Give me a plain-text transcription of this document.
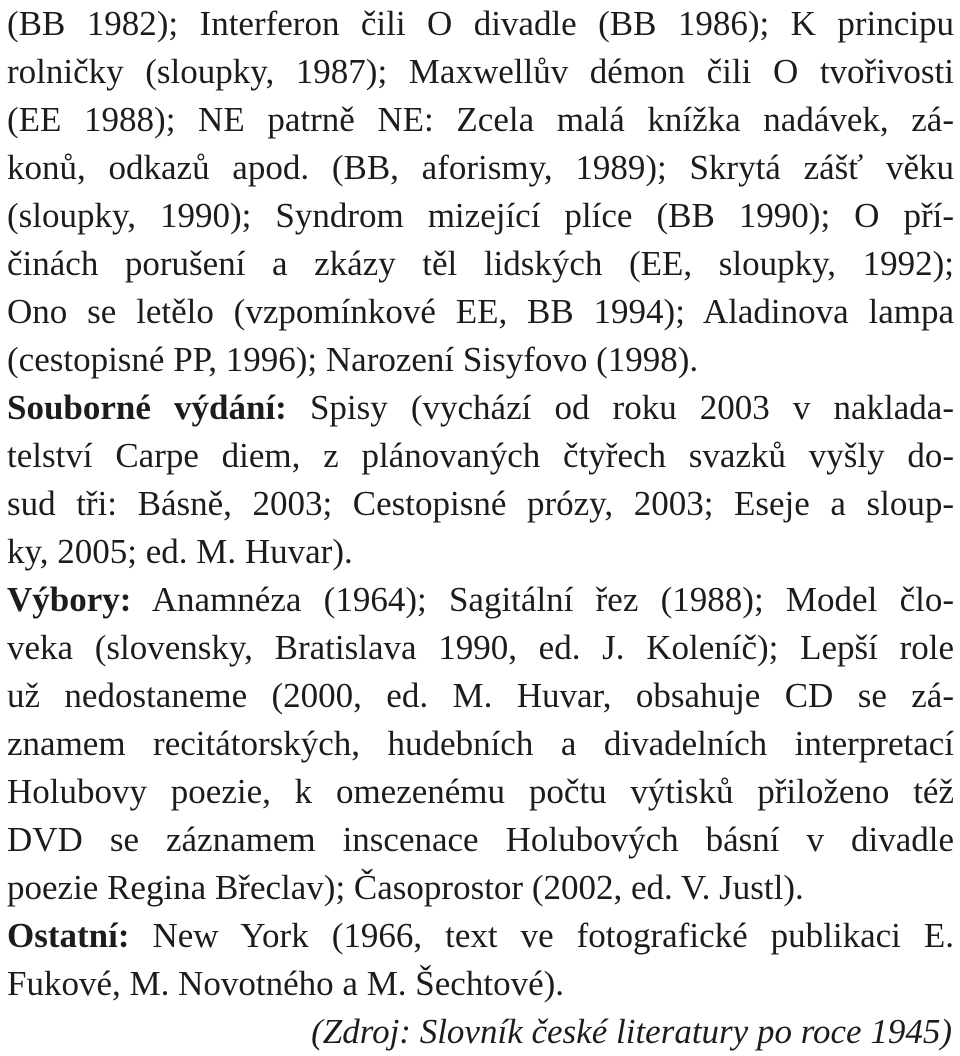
(BB 1982); Interferon čili O divadle (BB 1986); K principu
rolničky (sloupky, 1987); Maxwellův démon čili O tvořivosti
(EE 1988); NE patrně NE: Zcela malá knížka nadávek, zá-
konů, odkazů apod. (BB, aforismy, 1989); Skrytá zášť věku
(sloupky, 1990); Syndrom mizející plíce (BB 1990); O pří-
činách porušení a zkázy těl lidských (EE, sloupky, 1992);
Ono se letělo (vzpomínkové EE, BB 1994); Aladinova lampa
(cestopisné PP, 1996); Narození Sisyfovo (1998).
Souborné výdání: Spisy (vychází od roku 2003 v naklada-
telství Carpe diem, z plánovaných čtyřech svazků vyšly do-
sud tři: Básně, 2003; Cestopisné prózy, 2003; Eseje a sloup-
ky, 2005; ed. M. Huvar).
Výbory: Anamnéza (1964); Sagitální řez (1988); Model člo-
veka (slovensky, Bratislava 1990, ed. J. Koleníč); Lepší role
už nedostaneme (2000, ed. M. Huvar, obsahuje CD se zá-
znamem recitátorských, hudebních a divadelních interpretací
Holubovy poezie, k omezenému počtu výtisků přiloženo též
DVD se záznamem inscenace Holubových básní v divadle
poezie Regina Břeclav); Časoprostor (2002, ed. V. Justl).
Ostatní: New York (1966, text ve fotografické publikaci E.
Fukové, M. Novotného a M. Šechtové).
(Zdroj: Slovník české literatury po roce 1945)
